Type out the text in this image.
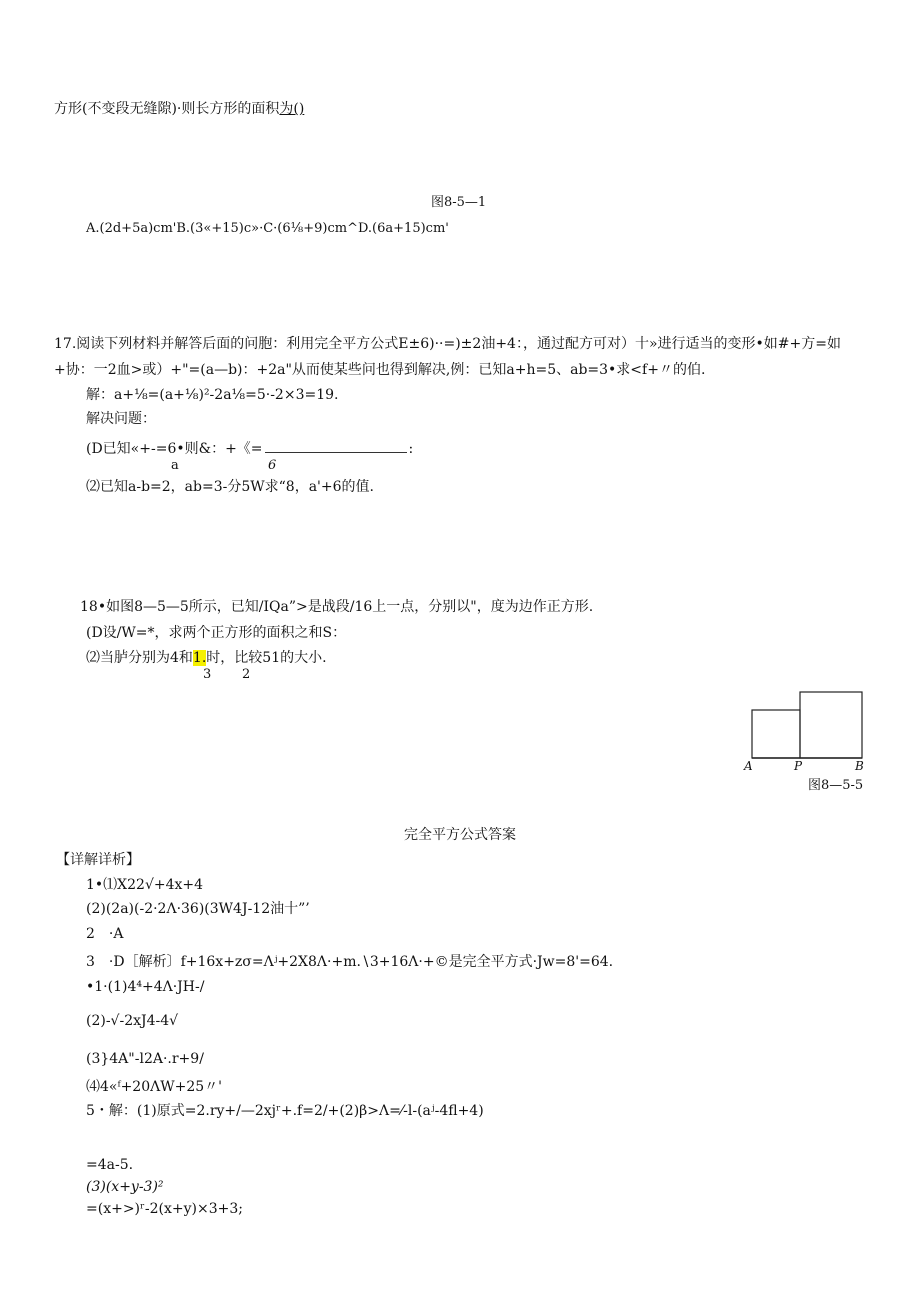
方形(不变段无缝隙)·则长方形的面积为()
图8-5—1
A.(2d+5a)cm'B.(3«+15)c»·C·(6⅛+9)cm^D.(6a+15)cm'
17.阅读下列材料并解答后面的问胞：利用完全平方公式E±6)··=)±2油+4：，通过配方可对）十»进行适当的变形•如#+方=如
+协：一2血>或）+"=(a—b)：+2a"从而使某些问也得到解决,例：已知a+h=5、ab=3•求<f+〃的伯.
解：a+⅛=(a+⅛)²-2a⅛=5·-2×3=19.
解决问题：
(D已知«+-=6•则&：+《=	:
a	6
⑵已知a-b=2，ab=3-分5W求“8，a'+6的值.
18•如图8—5—5所示，已知/IQa”>是战段/16上一点，分别以"，度为边作正方形.
(D设/W=*，求两个正方形的面积之和S：
⑵当胪分别为4和1.时，比较51的大小.
3 2
A	P	B
图8—5-5
完全平方公式答案
【详解详析】
1•⑴X22√+4x+4
(2)(2a)(-2·2Λ·36)(3W4J-12油十”’
2　·A
3　·D［解析〕f+16x+zσ=Λʲ+2X8Λ·+m.∖3+16Λ·+©是完全平方式·Jw=8'=64.
•1·(1)4⁴+4Λ·JH-/
(2)-√-2xJ4-4√
(3}4A"-l2A·.r+9/
⑷4«ᶠ+20ΛW+25〃'
5・解：(1)原式=2.ry+/—2xjʳ+.f=2/+(2)β>Λ=⁄-l-(aʲ-4fl+4)
=4a-5.
(3)(x+y-3)²
=(x+>)ʳ-2(x+y)×3+3;
